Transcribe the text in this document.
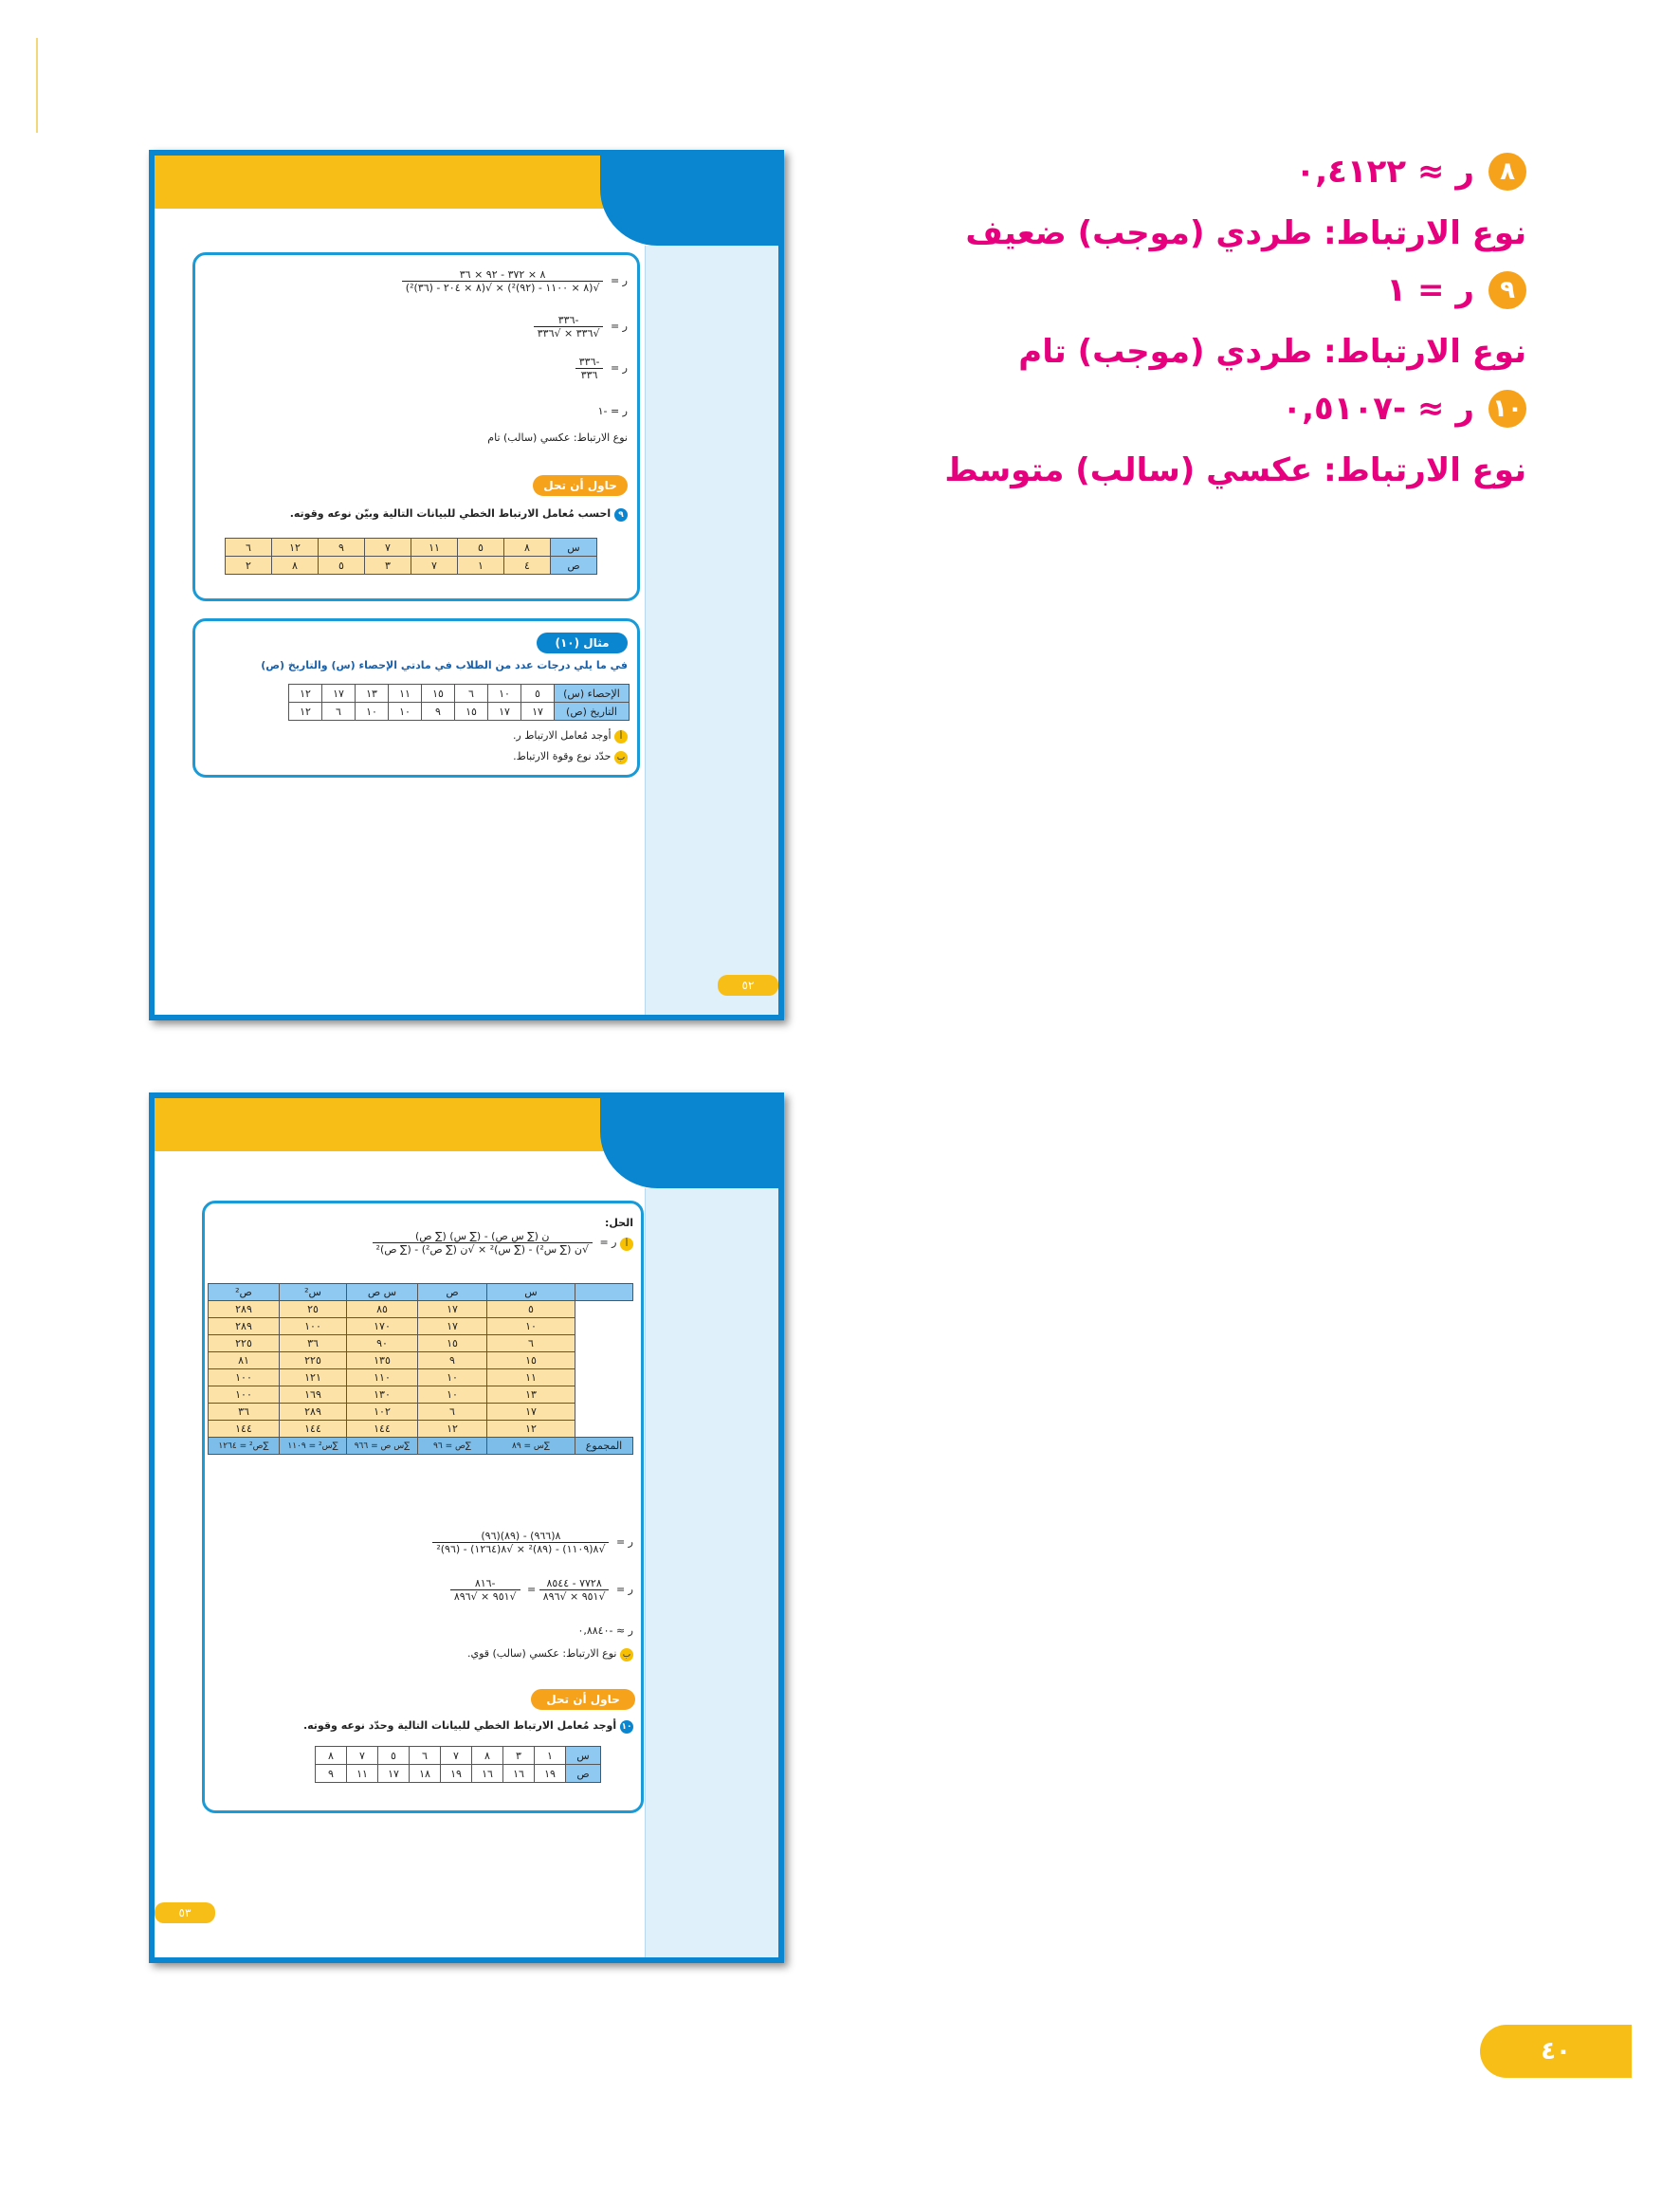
٨ ر ≈ ٠,٤١٢٢
نوع الارتباط: طردي (موجب) ضعيف
٩ ر = ١
نوع الارتباط: طردي (موجب) تام
١٠ ر ≈ -٠,٥١٠٧
نوع الارتباط: عكسي (سالب) متوسط
ر =
٨ × ٣٧٢ - ٩٢ × ٣٦
√(٨ × ١١٠٠ - (٩٢)²) × √(٨ × ٢٠٤ - (٣٦)²)
ر =
-٣٣٦
√٣٣٦ × √٣٣٦
ر =
-٣٣٦
٣٣٦
ر = -١
نوع الارتباط: عكسي (سالب) تام
حاول أن تحل
٩ احسب مُعامل الارتباط الخطي للبيانات التالية وبيّن نوعه وقوته.
س	٨	٥	١١	٧	٩	١٢	٦
ص	٤	١	٧	٣	٥	٨	٢
مثال (١٠)
في ما يلي درجات عدد من الطلاب في مادتي الإحصاء (س) والتاريخ (ص)
الإحصاء (س)	٥	١٠	٦	١٥	١١	١٣	١٧	١٢
التاريخ (ص)	١٧	١٧	١٥	٩	١٠	١٠	٦	١٢
أ أوجد مُعامل الارتباط ر.
ب حدّد نوع وقوة الارتباط.
٥٢
الحل:
أ ر =
ن (∑ س ص) - (∑ س) (∑ ص)
√ن (∑ س²) - (∑ س)² × √ن (∑ ص²) - (∑ ص)²
	س	ص	س ص	س²	ص²
	٥	١٧	٨٥	٢٥	٢٨٩
	١٠	١٧	١٧٠	١٠٠	٢٨٩
	٦	١٥	٩٠	٣٦	٢٢٥
	١٥	٩	١٣٥	٢٢٥	٨١
	١١	١٠	١١٠	١٢١	١٠٠
	١٣	١٠	١٣٠	١٦٩	١٠٠
	١٧	٦	١٠٢	٢٨٩	٣٦
	١٢	١٢	١٤٤	١٤٤	١٤٤
المجموع	∑س = ٨٩	∑ص = ٩٦	∑س ص = ٩٦٦	∑س² = ١١٠٩	∑ص² = ١٢٦٤
ر =
٨(٩٦٦) - (٨٩)(٩٦)
√٨(١١٠٩) - (٨٩)² × √٨(١٢٦٤) - (٩٦)²
ر =
٧٧٢٨ - ٨٥٤٤
√٩٥١ × √٨٩٦
=
-٨١٦
√٩٥١ × √٨٩٦
ر ≈ -٠,٨٨٤٠
ب نوع الارتباط: عكسي (سالب) قوي.
حاول أن تحل
١٠ أوجد مُعامل الارتباط الخطي للبيانات التالية وحدّد نوعه وقوته.
س	١	٣	٨	٧	٦	٥	٧	٨
ص	١٩	١٦	١٦	١٩	١٨	١٧	١١	٩
٥٣
٤٠
